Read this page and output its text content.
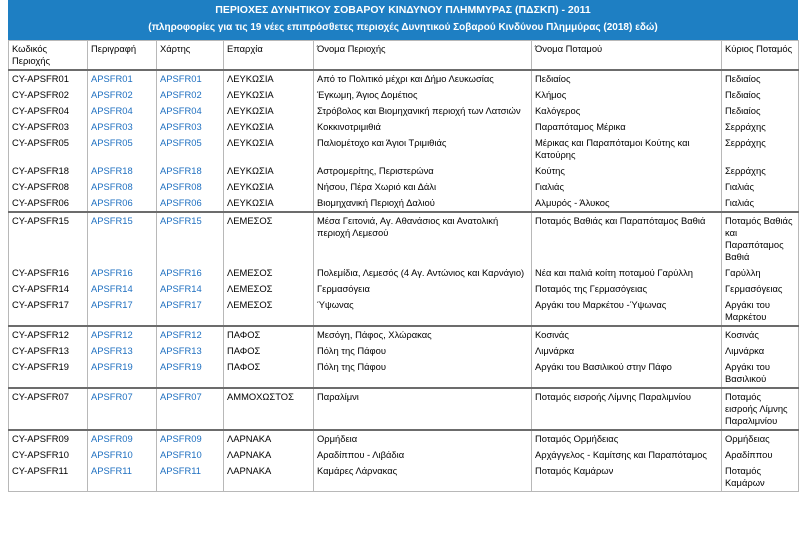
ΠΕΡΙΟΧΕΣ ΔΥΝΗΤΙΚΟΥ ΣΟΒΑΡΟΥ ΚΙΝΔΥΝΟΥ ΠΛΗΜΜΥΡΑΣ (ΠΔΣΚΠ) - 2011
(πληροφορίες για τις 19 νέες επιπρόσθετες περιοχές Δυνητικού Σοβαρού Κινδύνου Πλημμύρας (2018) εδώ)
Κωδικός Περιοχής	Περιγραφή	Χάρτης	Επαρχία	Όνομα Περιοχής	Όνομα Ποταμού	Κύριος Ποταμός
CY-APSFR01	APSFR01	APSFR01	ΛΕΥΚΩΣΙΑ	Από το Πολιτικό μέχρι και Δήμο Λευκωσίας	Πεδιαίος	Πεδιαίος
CY-APSFR02	APSFR02	APSFR02	ΛΕΥΚΩΣΙΑ	Έγκωμη, Άγιος Δομέτιος	Κλήμος	Πεδιαίος
CY-APSFR04	APSFR04	APSFR04	ΛΕΥΚΩΣΙΑ	Στρόβολος και Βιομηχανική περιοχή των Λατσιών	Καλόγερος	Πεδιαίος
CY-APSFR03	APSFR03	APSFR03	ΛΕΥΚΩΣΙΑ	Κοκκινοτριμιθιά	Παραπόταμος Μέρικα	Σερράχης
CY-APSFR05	APSFR05	APSFR05	ΛΕΥΚΩΣΙΑ	Παλιομέτοχο και Άγιοι Τριμιθιάς	Μέρικας και Παραπόταμοι Κούτης και Κατούρης	Σερράχης
CY-APSFR18	APSFR18	APSFR18	ΛΕΥΚΩΣΙΑ	Αστρομερίτης, Περιστερώνα	Κούτης	Σερράχης
CY-APSFR08	APSFR08	APSFR08	ΛΕΥΚΩΣΙΑ	Νήσου, Πέρα Χωριό και Δάλι	Γιαλιάς	Γιαλιάς
CY-APSFR06	APSFR06	APSFR06	ΛΕΥΚΩΣΙΑ	Βιομηχανική Περιοχή Δαλιού	Αλμυρός - Άλυκος	Γιαλιάς
CY-APSFR15	APSFR15	APSFR15	ΛΕΜΕΣΟΣ	Μέσα Γειτονιά, Αγ. Αθανάσιος και Ανατολική περιοχή Λεμεσού	Ποταμός Βαθιάς και Παραπόταμος Βαθιά	Ποταμός Βαθιάς και Παραπόταμος Βαθιά
CY-APSFR16	APSFR16	APSFR16	ΛΕΜΕΣΟΣ	Πολεμίδια, Λεμεσός (4 Αγ. Αντώνιος και Καρνάγιο)	Νέα και παλιά κοίτη ποταμού Γαρύλλη	Γαρύλλη
CY-APSFR14	APSFR14	APSFR14	ΛΕΜΕΣΟΣ	Γερμασόγεια	Ποταμός της Γερμασόγειας	Γερμασόγειας
CY-APSFR17	APSFR17	APSFR17	ΛΕΜΕΣΟΣ	Ύψωνας	Αργάκι του Μαρκέτου -Ύψωνας	Αργάκι του Μαρκέτου
CY-APSFR12	APSFR12	APSFR12	ΠΑΦΟΣ	Μεσόγη, Πάφος, Χλώρακας	Κοσινάς	Κοσινάς
CY-APSFR13	APSFR13	APSFR13	ΠΑΦΟΣ	Πόλη της Πάφου	Λιμνάρκα	Λιμνάρκα
CY-APSFR19	APSFR19	APSFR19	ΠΑΦΟΣ	Πόλη της Πάφου	Αργάκι του Βασιλικού στην Πάφο	Αργάκι του Βασιλικού
CY-APSFR07	APSFR07	APSFR07	ΑΜΜΟΧΩΣΤΟΣ	Παραλίμνι	Ποταμός εισροής Λίμνης Παραλιμνίου	Ποταμός εισροής Λίμνης Παραλιμνίου
CY-APSFR09	APSFR09	APSFR09	ΛΑΡΝΑΚΑ	Ορμήδεια	Ποταμός Ορμήδειας	Ορμήδειας
CY-APSFR10	APSFR10	APSFR10	ΛΑΡΝΑΚΑ	Αραδίππου - Λιβάδια	Αρχάγγελος - Καμίτσης και Παραπόταμος	Αραδίππου
CY-APSFR11	APSFR11	APSFR11	ΛΑΡΝΑΚΑ	Καμάρες Λάρνακας	Ποταμός Καμάρων	Ποταμός Καμάρων
